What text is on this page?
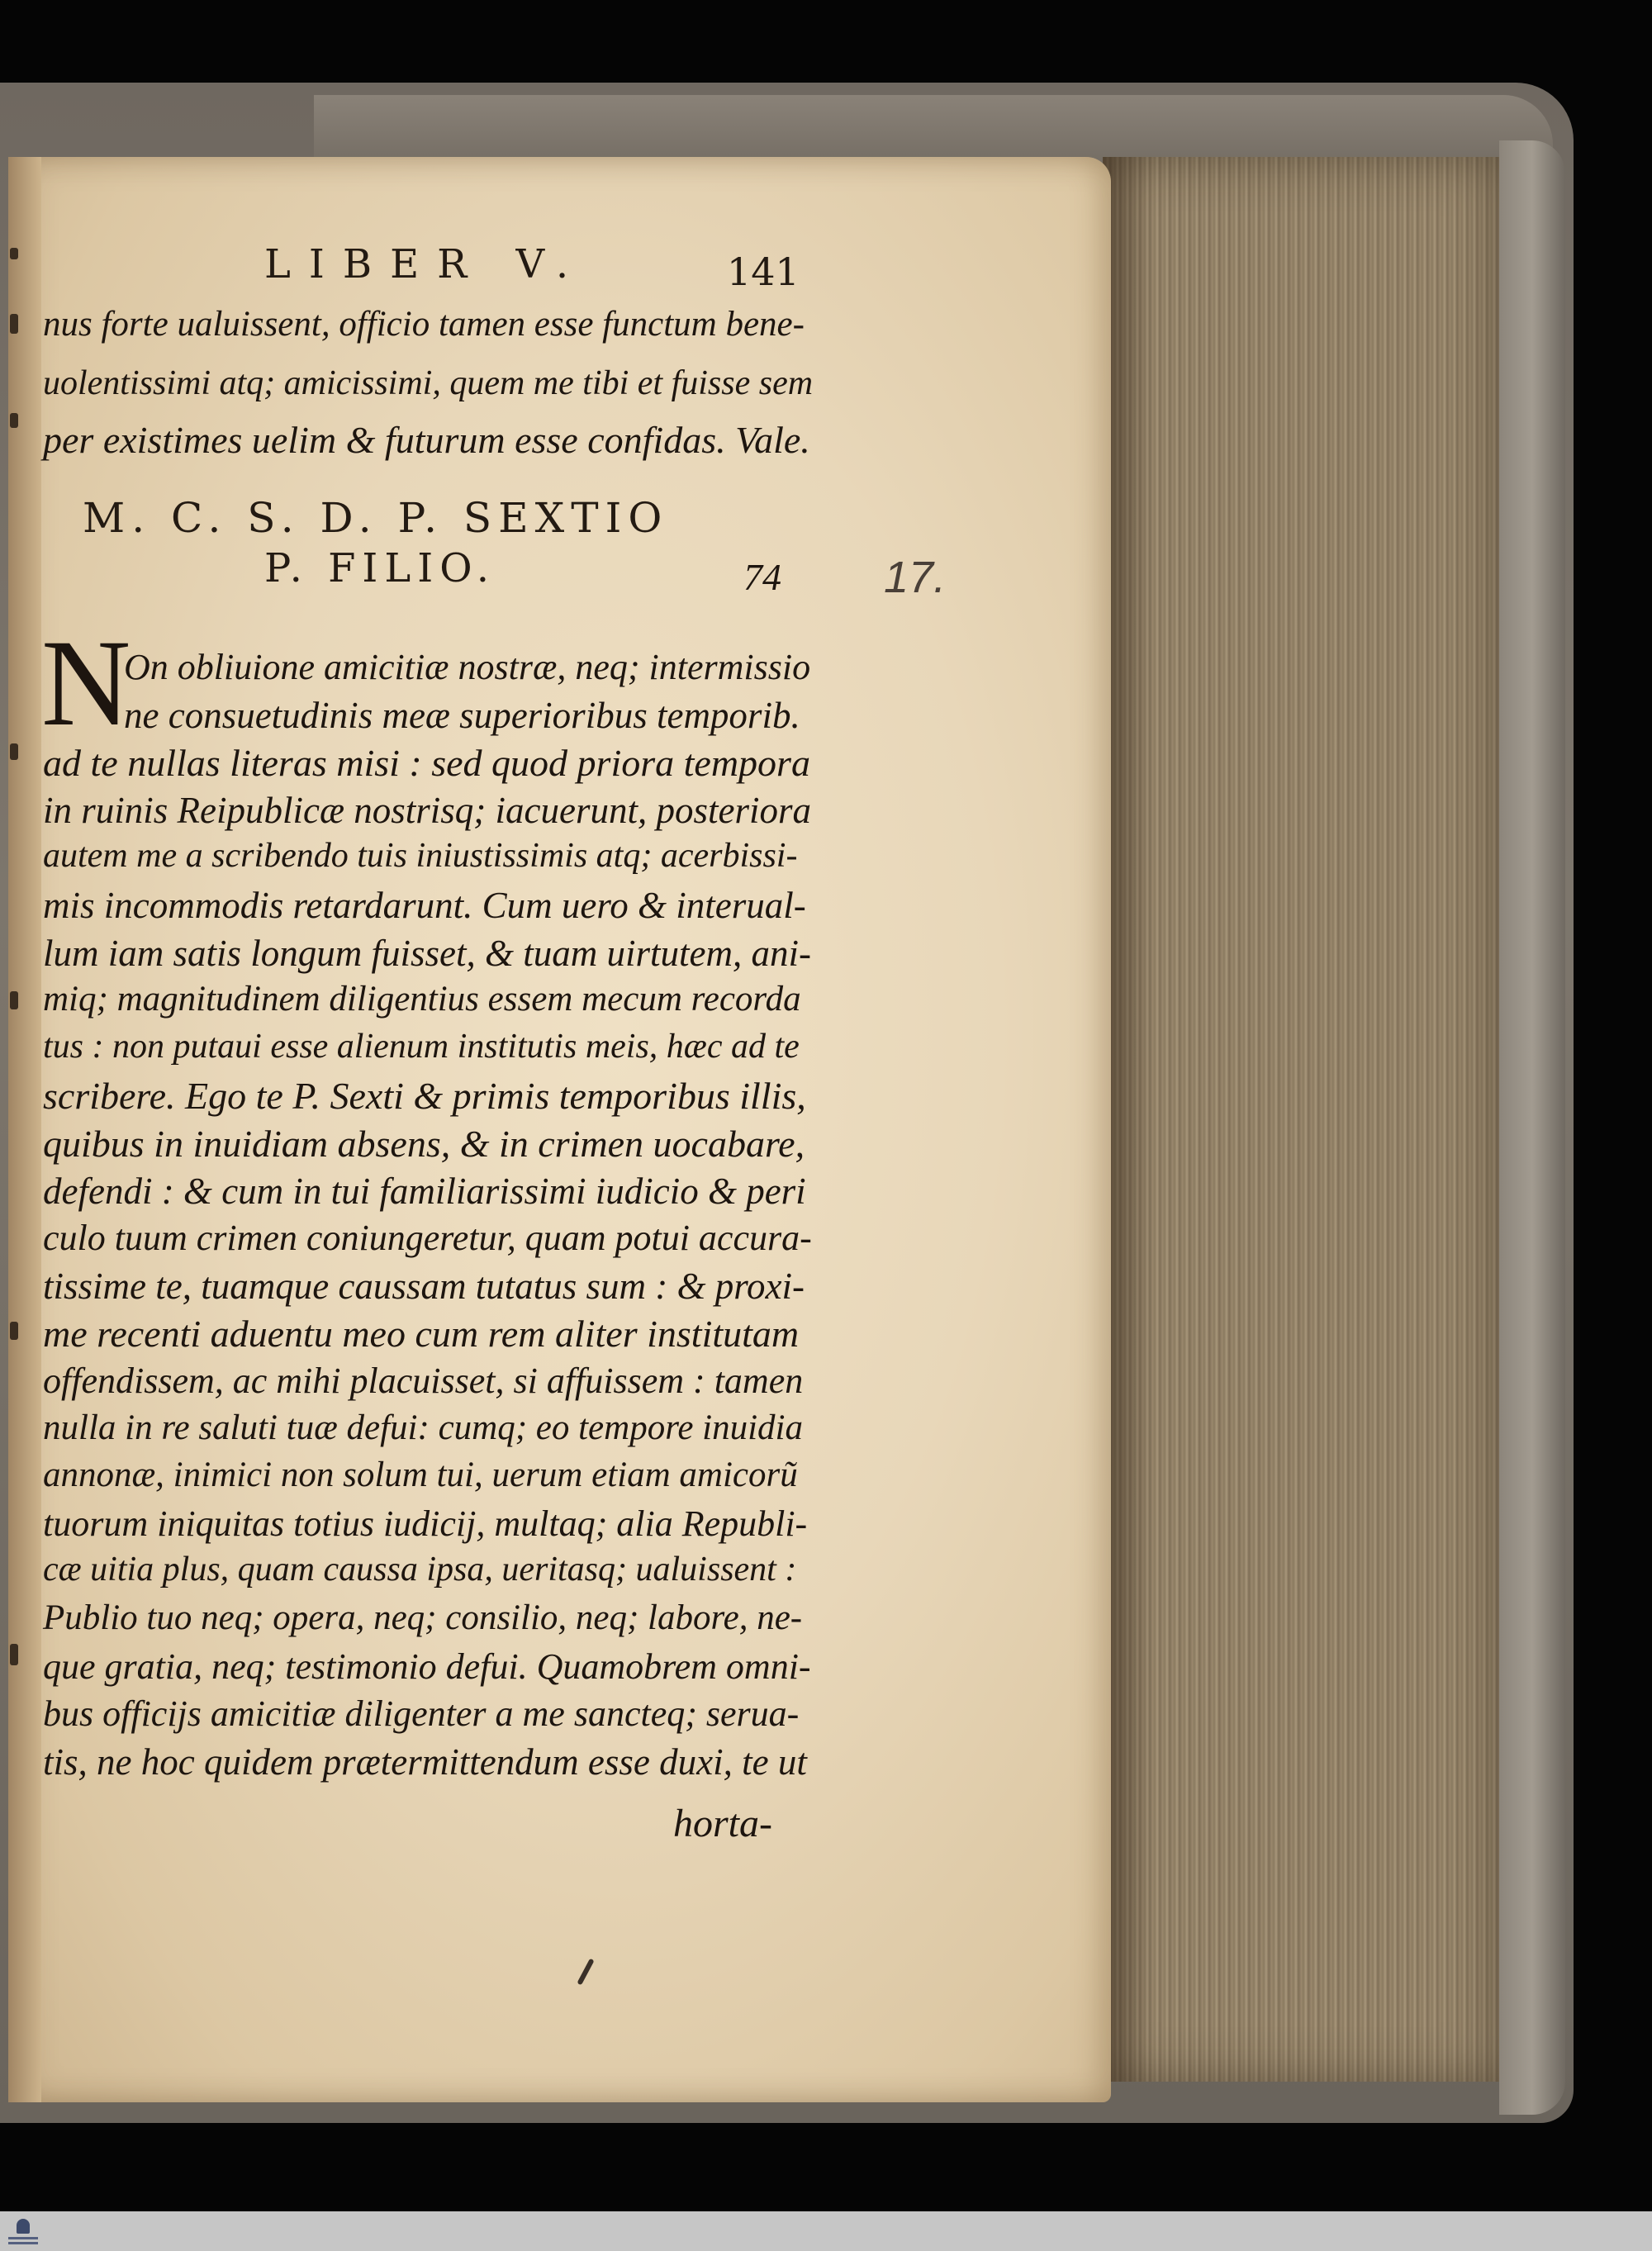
LIBER V.	141
nus forte ualuissent, officio tamen esse functum bene-
uolentissimi atq; amicissimi, quem me tibi et fuisse sem
per existimes uelim & futurum esse confidas. Vale.
M. C. S. D. P. SEXTIO
P. FILIO.	74 17.
N
On obliuione amicitiæ nostræ, neq; intermissio
ne consuetudinis meæ superioribus temporib.
ad te nullas literas misi : sed quod priora tempora
in ruinis Reipublicæ nostrisq; iacuerunt, posteriora
autem me a scribendo tuis iniustissimis atq; acerbissi-
mis incommodis retardarunt. Cum uero & interual-
lum iam satis longum fuisset, & tuam uirtutem, ani-
miq; magnitudinem diligentius essem mecum recorda
tus : non putaui esse alienum institutis meis, hæc ad te
scribere. Ego te P. Sexti & primis temporibus illis,
quibus in inuidiam absens, & in crimen uocabare,
defendi : & cum in tui familiarissimi iudicio & peri
culo tuum crimen coniungeretur, quam potui accura-
tissime te, tuamque caussam tutatus sum : & proxi-
me recenti aduentu meo cum rem aliter institutam
offendissem, ac mihi placuisset, si affuissem : tamen
nulla in re saluti tuæ defui: cumq; eo tempore inuidia
annonæ, inimici non solum tui, uerum etiam amicorũ
tuorum iniquitas totius iudicij, multaq; alia Republi-
cæ uitia plus, quam caussa ipsa, ueritasq; ualuissent :
Publio tuo neq; opera, neq; consilio, neq; labore, ne-
que gratia, neq; testimonio defui. Quamobrem omni-
bus officijs amicitiæ diligenter a me sancteq; serua-
tis, ne hoc quidem prætermittendum esse duxi, te ut
horta-
